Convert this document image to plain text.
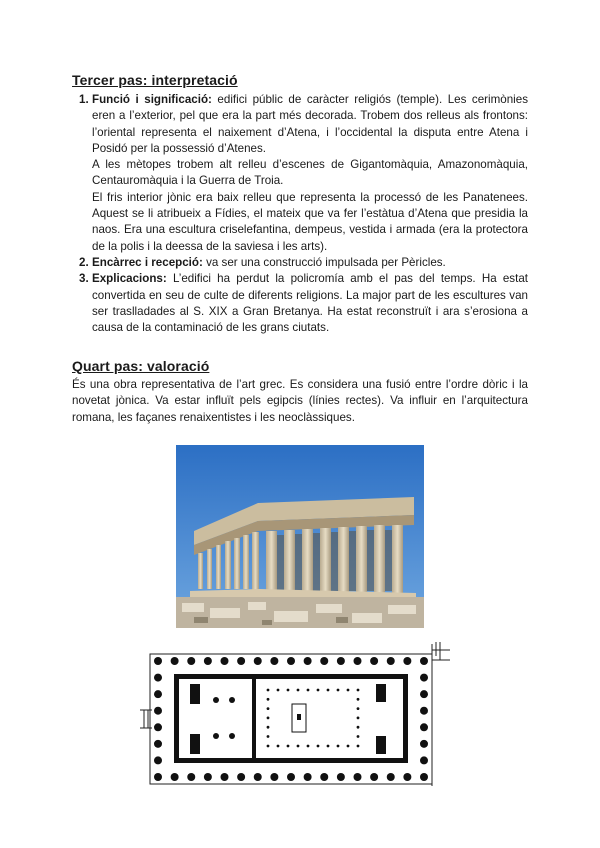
Tercer pas: interpretació
1. Funció i significació: edifici públic de caràcter religiós (temple). Les cerimònies eren a l’exterior, pel que era la part més decorada. Trobem dos relleus als frontons: l’oriental representa el naixement d’Atena, i l’occidental la disputa entre Atena i Posidó per la possessió d’Atenes.

A les mètopes trobem alt relleu d’escenes de Gigantomàquia, Amazonomàquia, Centauromàquia i la Guerra de Troia.

El fris interior jònic era baix relleu que representa la processó de les Panatenees. Aquest se li atribueix a Fídies, el mateix que va fer l’estàtua d’Atena que presidia la naos. Era una escultura criselefantina, dempeus, vestida i armada (era la protectora de la polis i la deessa de la saviesa i les arts).

2. Encàrrec i recepció: va ser una construcció impulsada per Pèricles.

3. Explicacions: L’edifici ha perdut la policromía amb el pas del temps. Ha estat convertida en seu de culte de diferents religions. La major part de les escultures van ser traslladades al S. XIX a Gran Bretanya. Ha estat reconstruït i ara s’erosiona a causa de la contaminació de les grans ciutats.

Quart pas: valoració

És una obra representativa de l’art grec. Es considera una fusió entre l’ordre dòric i la novetat jònica. Va estar influït pels egipcis (línies rectes). Va influir en l’arquitectura romana, les façanes renaixentistes i les neoclàssiques.
